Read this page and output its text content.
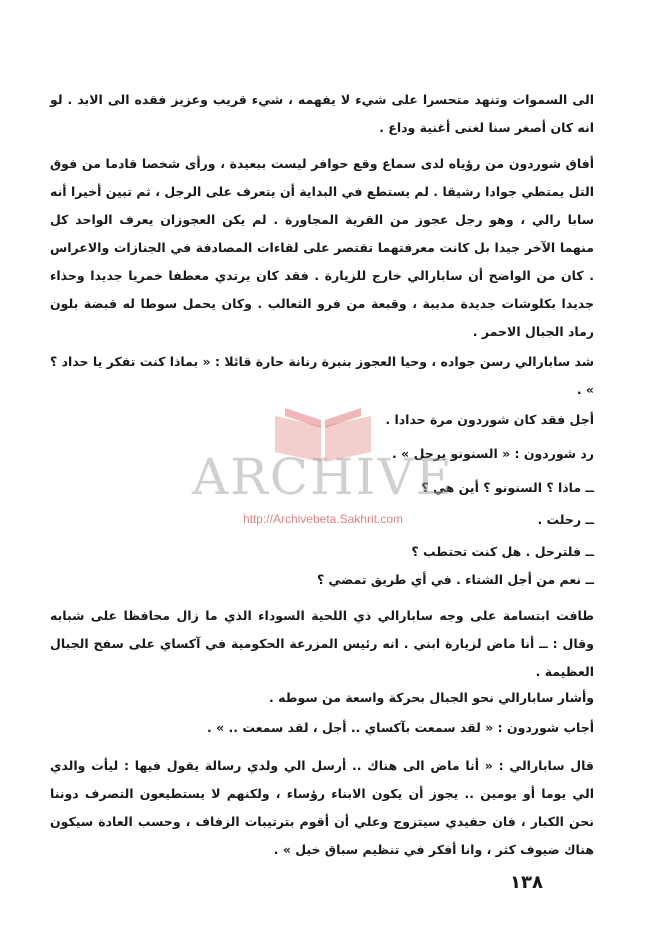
الى السموات وتنهد متحسرا على شيء لا يفهمه ، شيء قريب وعزيز فقده الى الابد . لو انه كان أصغر سنا لغنى أغنية وداع .

أفاق شوردون من رؤياه لدى سماع وقع حوافر ليست ببعيدة ، ورأى شخصا قادما من فوق التل يمتطي جوادا رشيقا . لم يستطع في البداية أن يتعرف على الرجل ، ثم تبين أخيرا أنه سابا رالي ، وهو رجل عجوز من القرية المجاورة . لم يكن العجوزان يعرف الواحد كل منهما الآخر جيدا بل كانت معرفتهما تقتصر على لقاءات المصادفة في الجنازات والاعراس . كان من الواضح أن سابارالي خارج للزيارة . فقد كان يرتدي معطفا خمريا جديدا وحذاء جديدا بكلوشات جديدة مدببة ، وقبعة من فرو الثعالب . وكان يحمل سوطا له قبضة بلون رماد الجبال الاحمر .

شد سابارالي رسن جواده ، وحيا العجوز بنبرة رنانة حارة قائلا : « بماذا كنت تفكر يا حداد ؟ » .

أجل فقد كان شوردون مرة حدادا .

رد شوردون : « السنونو يرحل » .

ــ ماذا ؟ السنونو ؟ أين هي ؟

ــ رحلت .

ــ فلترحل . هل كنت تحتطب ؟

ــ نعم من أجل الشتاء . في أي طريق تمضي ؟

طافت ابتسامة على وجه سابارالي ذي اللحية السوداء الذي ما زال محافظا على شبابه وقال : ــ أنا ماض لزيارة ابني . انه رئيس المزرعة الحكومية في آكساي على سفح الجبال العظيمة .

وأشار سابارالي نحو الجبال بحركة واسعة من سوطه .

أجاب شوردون : « لقد سمعت بآكساي .. أجل ، لقد سمعت .. » .

قال سابارالي : « أنا ماض الى هناك .. أرسل الي ولدي رسالة يقول فيها : ليأت والدي الي يوما أو يومين .. يجوز أن يكون الابناء رؤساء ، ولكنهم لا يستطيعون التصرف دوننا نحن الكبار ، فان حفيدي سيتزوج وعلي أن أقوم بترتيبات الزفاف ، وحسب العادة سيكون هناك ضيوف كثر ، وانا أفكر في تنظيم سباق خيل » .

ARCHIVE
http://Archivebeta.Sakhrit.com
١٣٨
